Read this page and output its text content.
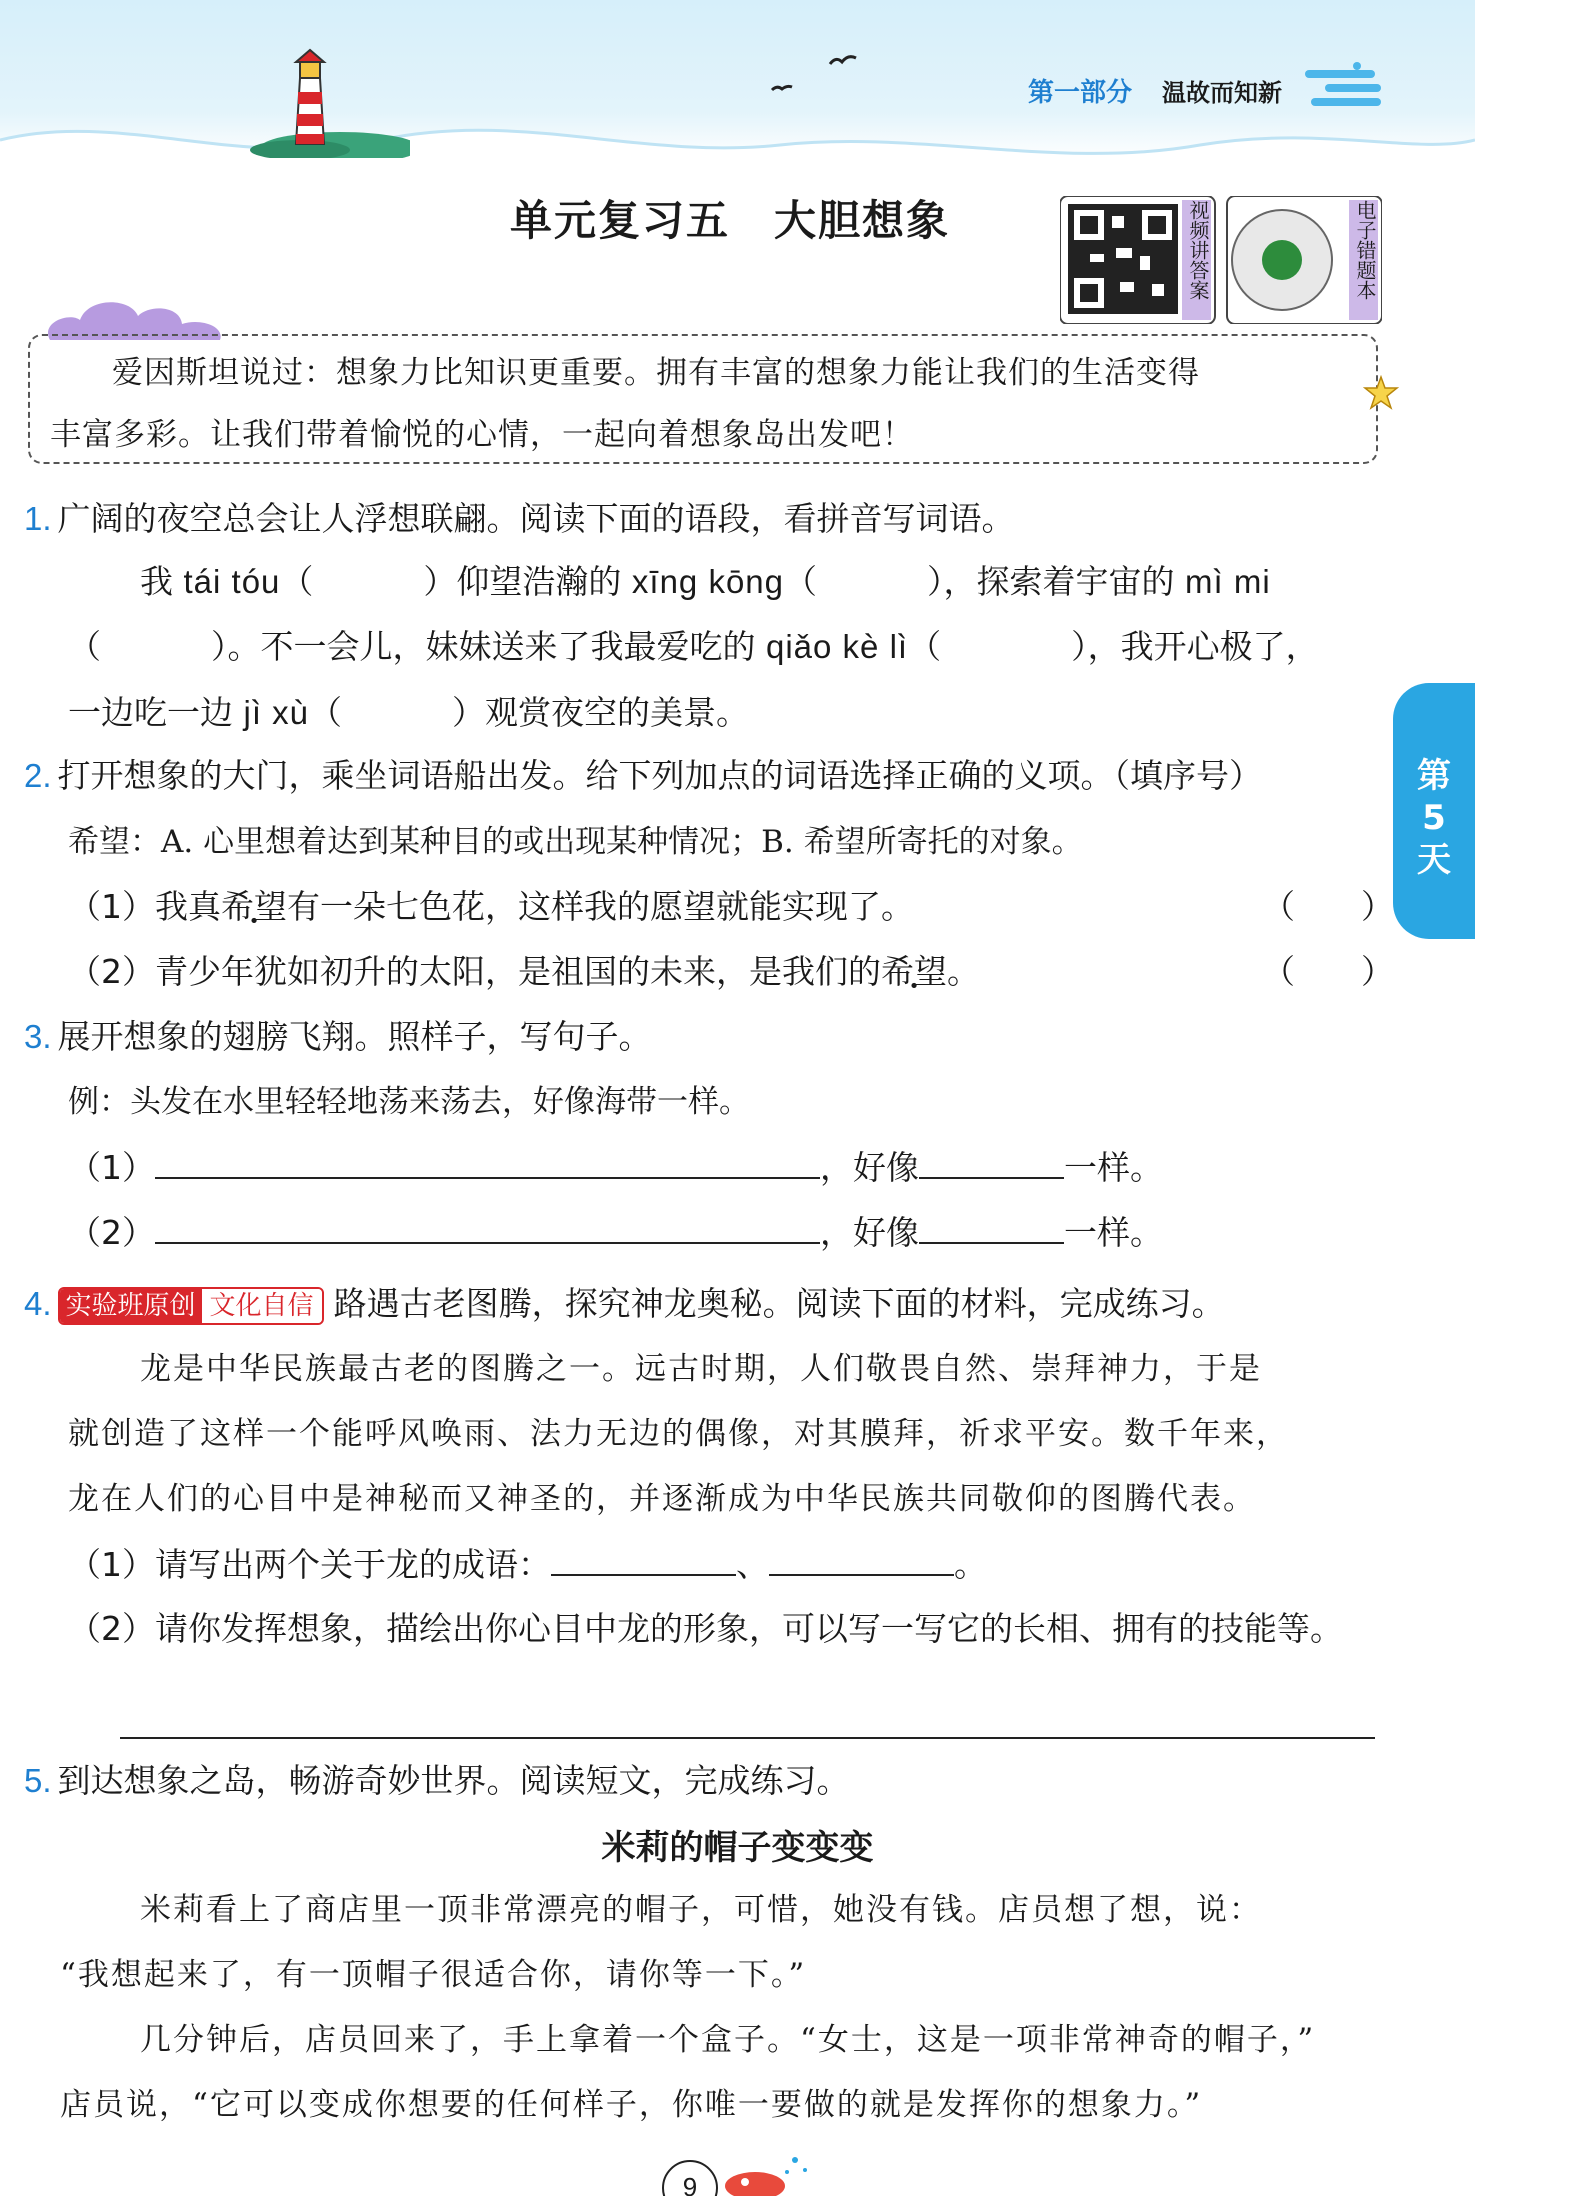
第一部分 温故而知新
单元复习五　大胆想象	视频讲答案	电子错题本

爱因斯坦说过：想象力比知识更重要。拥有丰富的想象力能让我们的生活变得

丰富多彩。让我们带着愉悦的心情，一起向着想象岛出发吧！

1. 广阔的夜空总会让人浮想联翩。阅读下面的语段，看拼音写词语。
我 tái tóu（	）仰望浩瀚的 xīng kōng（	），探索着宇宙的 mì mi
（	）。不一会儿，妹妹送来了我最爱吃的 qiǎo kè lì（	），我开心极了，
一边吃一边 jì xù（	）观赏夜空的美景。
第
5
天
2. 打开想象的大门，乘坐词语船出发。给下列加点的词语选择正确的义项。（填序号）
希望：A. 心里想着达到某种目的或出现某种情况；B. 希望所寄托的对象。
（1）我真希望有一朵七色花，这样我的愿望就能实现了。	（　　）
（2）青少年犹如初升的太阳，是祖国的未来，是我们的希望。	（　　）
3. 展开想象的翅膀飞翔。照样子，写句子。
例：头发在水里轻轻地荡来荡去，好像海带一样。
（1）	，好像	一样。
（2）	，好像	一样。
4. 实验班原创 文化自信 路遇古老图腾，探究神龙奥秘。阅读下面的材料，完成练习。
龙是中华民族最古老的图腾之一。远古时期，人们敬畏自然、崇拜神力，于是
就创造了这样一个能呼风唤雨、法力无边的偶像，对其膜拜，祈求平安。数千年来，
龙在人们的心目中是神秘而又神圣的，并逐渐成为中华民族共同敬仰的图腾代表。
（1）请写出两个关于龙的成语：	、	。
（2）请你发挥想象，描绘出你心目中龙的形象，可以写一写它的长相、拥有的技能等。
5. 到达想象之岛，畅游奇妙世界。阅读短文，完成练习。
米莉的帽子变变变
米莉看上了商店里一顶非常漂亮的帽子，可惜，她没有钱。店员想了想，说：
“我想起来了，有一顶帽子很适合你，请你等一下。”
几分钟后，店员回来了，手上拿着一个盒子。“女士，这是一项非常神奇的帽子，”
店员说，“它可以变成你想要的任何样子，你唯一要做的就是发挥你的想象力。”
9
